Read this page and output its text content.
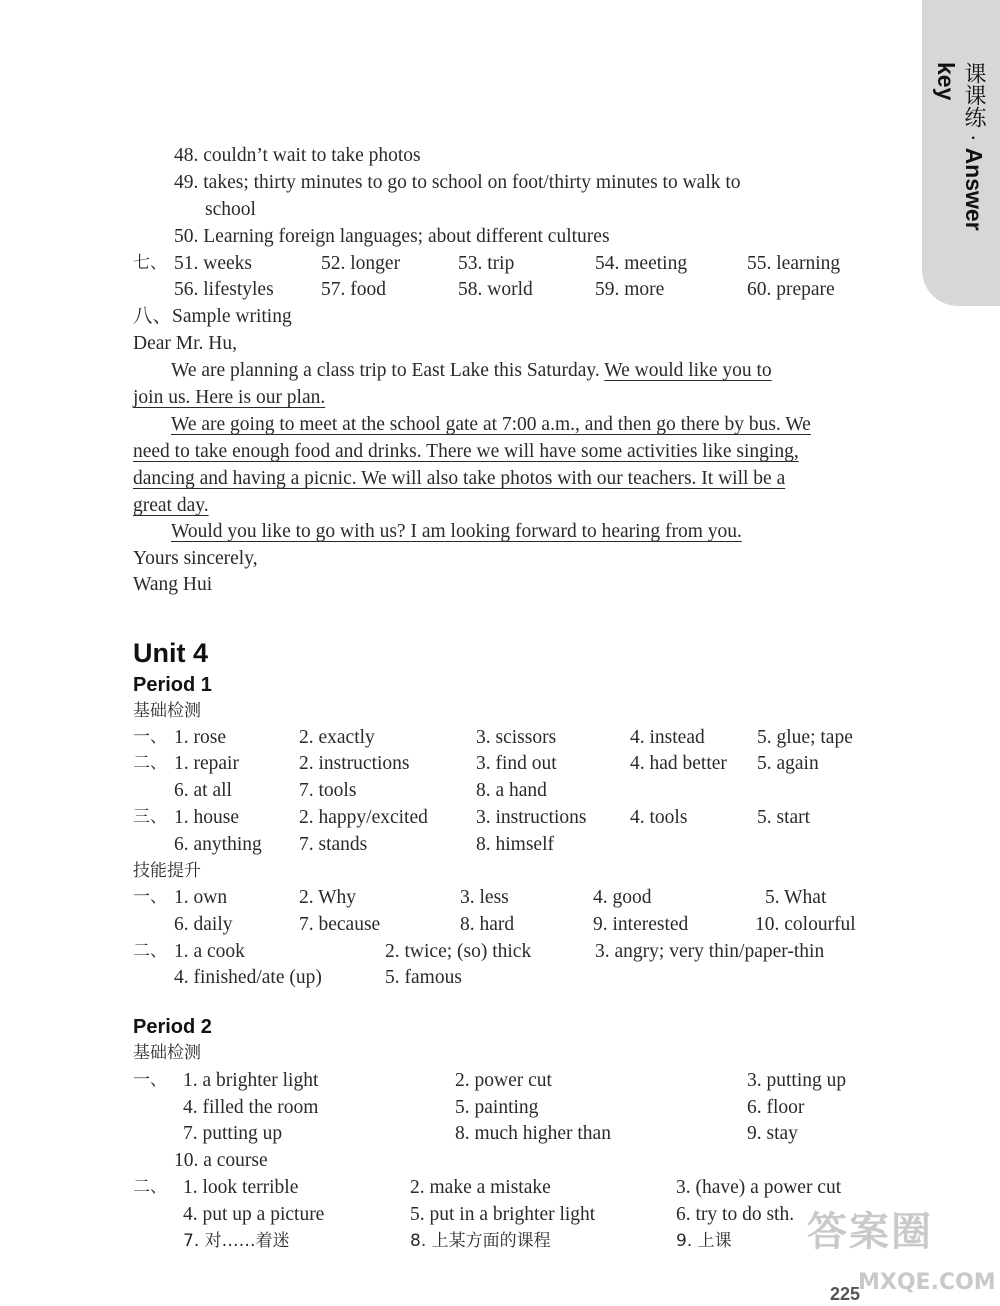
课课练 · Answer key
48. couldn’t wait to take photos
49. takes; thirty minutes to go to school on foot/thirty minutes to walk to
school
50. Learning foreign languages; about different cultures
七、 51. weeks	52. longer	53. trip	54. meeting	55. learning
56. lifestyles 57. food	58. world	59. more	60. prepare
八、Sample writing
Dear Mr. Hu,
We are planning a class trip to East Lake this Saturday. We would like you to
join us. Here is our plan.
We are going to meet at the school gate at 7:00 a.m., and then go there by bus. We
need to take enough food and drinks. There we will have some activities like singing,
dancing and having a picnic. We will also take photos with our teachers. It will be a
great day.
Would you like to go with us? I am looking forward to hearing from you.
Yours sincerely,
Wang Hui
Unit 4
Period 1
基础检测
一、 1. rose	2. exactly	3. scissors	4. instead	5. glue; tape
二、 1. repair	2. instructions	3. find out	4. had better 5. again
6. at all	7. tools	8. a hand
三、 1. house	2. happy/excited 3. instructions 4. tools	5. start
6. anything 7. stands	8. himself
技能提升
一、 1. own	2. Why	3. less	4. good	5. What
6. daily	7. because	8. hard	9. interested	10. colourful
二、 1. a cook	2. twice; (so) thick	3. angry; very thin/paper-thin
4. finished/ate (up)	5. famous
Period 2
基础检测
一、 1. a brighter light	2. power cut	3. putting up
4. filled the room	5. painting	6. floor
7. putting up	8. much higher than	9. stay
10. a course
二、 1. look terrible	2. make a mistake	3. (have) a power cut
4. put up a picture	5. put in a brighter light	6. try to do sth.
7. 对……着迷	8. 上某方面的课程	9. 上课 答案圈
MXQE.COM
225
